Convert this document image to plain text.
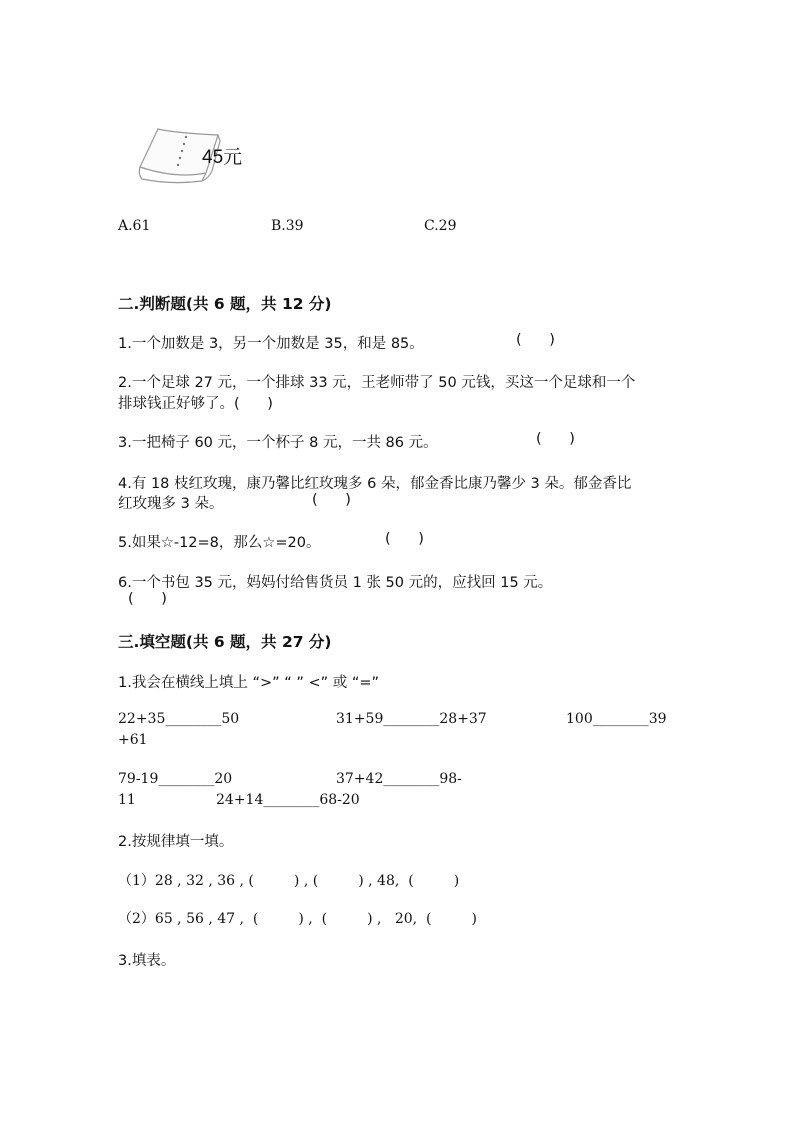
45元
A.61	B.39	C.29
二.判断题(共 6 题，共 12 分)
1.一个加数是 3，另一个加数是 35，和是 85。	(      )
2.一个足球 27 元，一个排球 33 元，王老师带了 50 元钱，买这一个足球和一个
排球钱正好够了。(      )
3.一把椅子 60 元，一个杯子 8 元，一共 86 元。	(      )
4.有 18 枝红玫瑰，康乃馨比红玫瑰多 6 朵，郁金香比康乃馨少 3 朵。郁金香比
红玫瑰多 3 朵。	(      )
5.如果☆-12=8，那么☆=20。	(      )
6.一个书包 35 元，妈妈付给售货员 1 张 50 元的，应找回 15 元。
(      )
三.填空题(共 6 题，共 27 分)
1.我会在横线上填上 “>” “ ” <” 或 “=”
22+35________50	31+59________28+37	100________39
+61
79-19________20	37+42________98-
11	24+14________68-20
2.按规律填一填。
（1）28 , 32 , 36 , (         ) , (         ) , 48,  (         )
（2）65 , 56 , 47 ,  (         ) ,  (         ) ,   20,  (         )
3.填表。
